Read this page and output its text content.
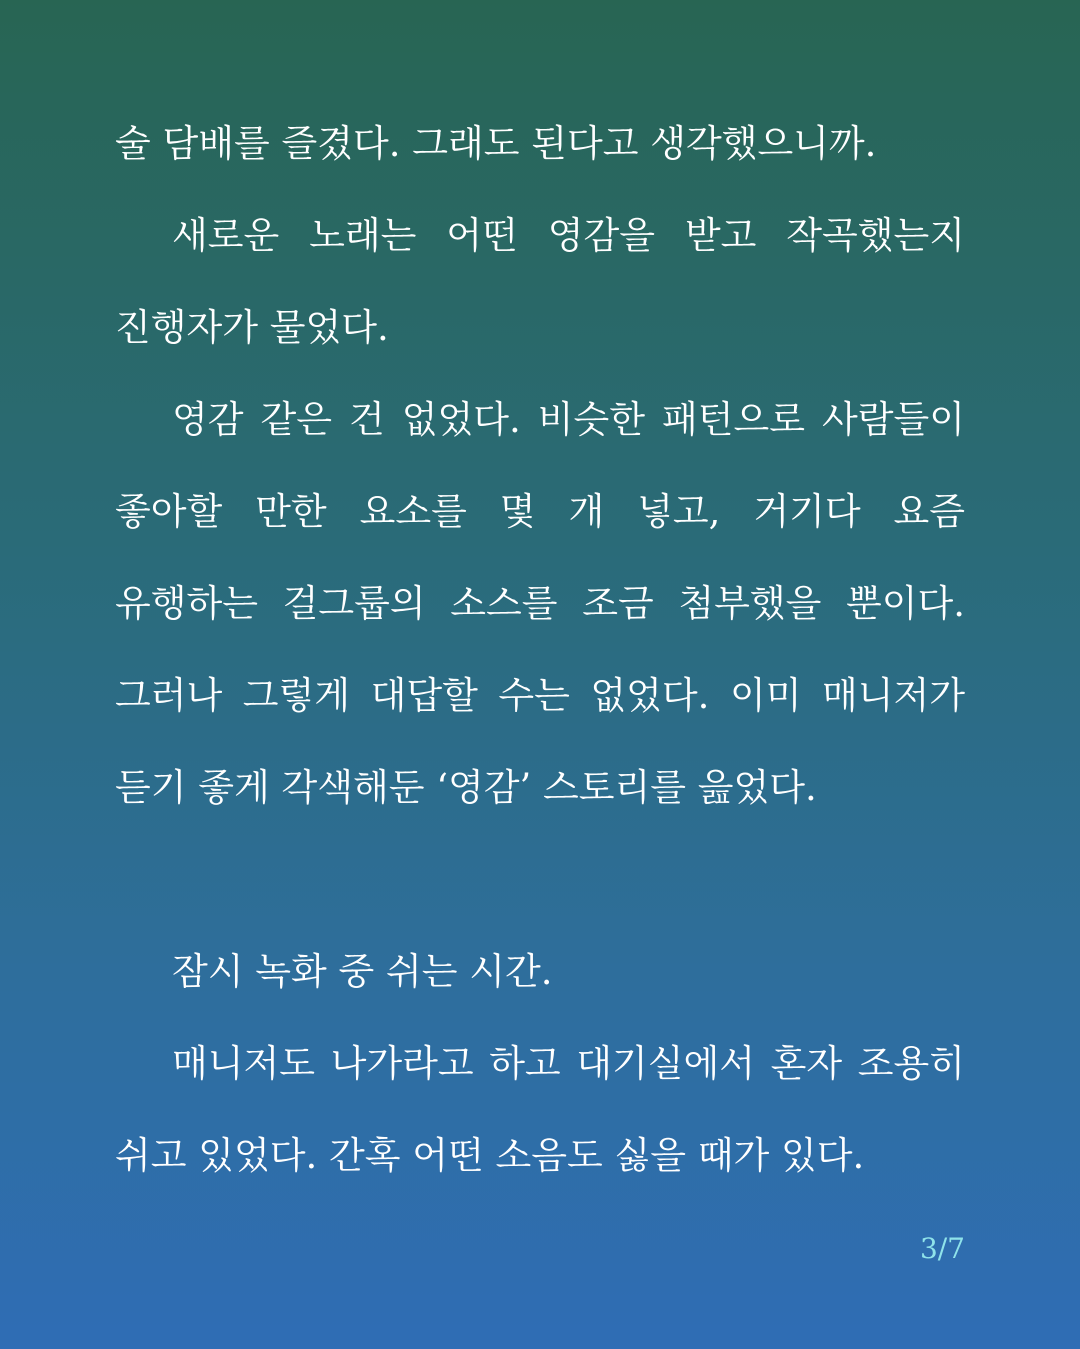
술 담배를 즐겼다. 그래도 된다고 생각했으니까.

새로운 노래는 어떤 영감을 받고 작곡했는지 진행자가 물었다.

영감 같은 건 없었다. 비슷한 패턴으로 사람들이 좋아할 만한 요소를 몇 개 넣고, 거기다 요즘 유행하는 걸그룹의 소스를 조금 첨부했을 뿐이다. 그러나 그렇게 대답할 수는 없었다. 이미 매니저가 듣기 좋게 각색해둔 ‘영감’ 스토리를 읊었다.

잠시 녹화 중 쉬는 시간.

매니저도 나가라고 하고 대기실에서 혼자 조용히 쉬고 있었다. 간혹 어떤 소음도 싫을 때가 있다.

3/7
